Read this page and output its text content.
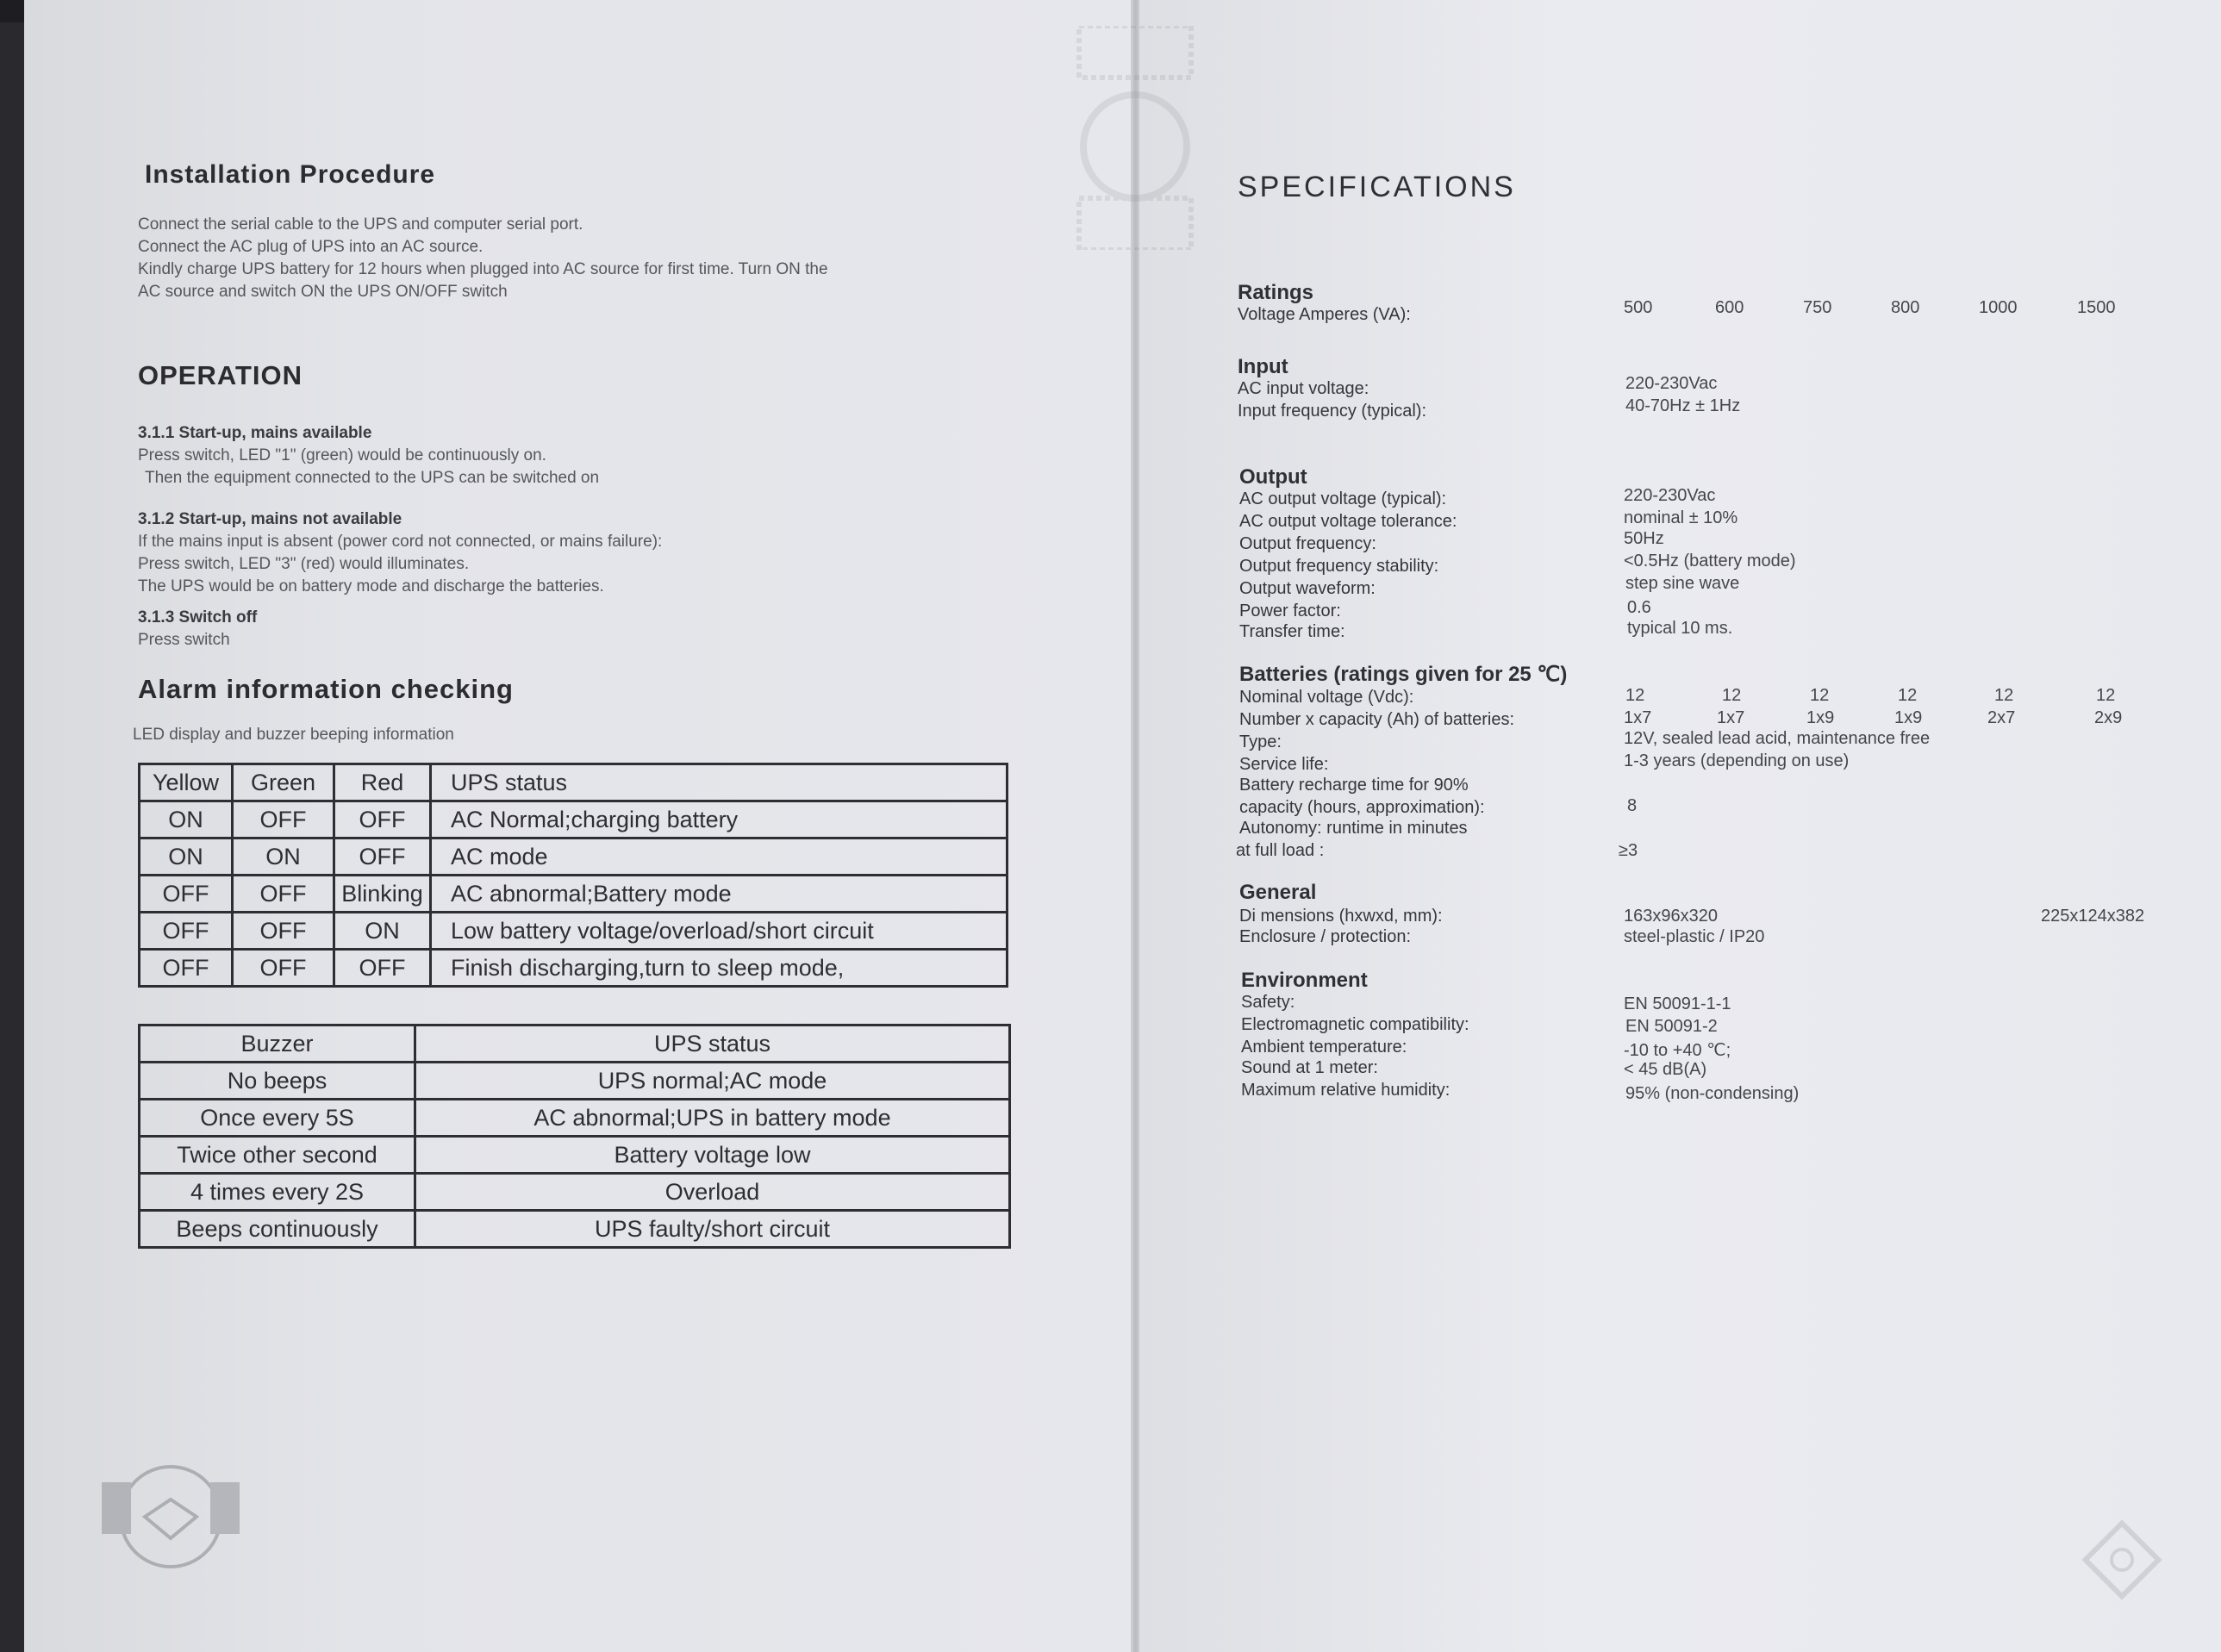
Installation Procedure
Connect the serial cable to the UPS and computer serial port.
Connect the AC plug of UPS into an AC source.
Kindly charge UPS battery for 12 hours when plugged into AC source for first time. Turn ON the
AC source and switch ON the UPS ON/OFF switch
OPERATION
3.1.1 Start-up, mains available
Press switch, LED "1" (green) would be continuously on.
Then the equipment connected to the UPS can be switched on
3.1.2 Start-up, mains not available
If the mains input is absent (power cord not connected, or mains failure):
Press switch, LED "3" (red) would illuminates.
The UPS would be on battery mode and discharge the batteries.
3.1.3 Switch off
Press switch
Alarm information checking
LED display and buzzer beeping information
Yellow	Green	Red	UPS status
ON	OFF	OFF	AC Normal;charging battery
ON	ON	OFF	AC mode
OFF	OFF	Blinking	AC abnormal;Battery mode
OFF	OFF	ON	Low battery voltage/overload/short circuit
OFF	OFF	OFF	Finish discharging,turn to sleep mode,
Buzzer	UPS status
No beeps	UPS normal;AC mode
Once every 5S	AC abnormal;UPS in battery mode
Twice other second	Battery voltage low
4 times every 2S	Overload
Beeps continuously	UPS faulty/short circuit
SPECIFICATIONS
Ratings
Voltage Amperes (VA):	500	600	750	800	1000	1500
Input
AC input voltage:	220-230Vac
Input frequency (typical):	40-70Hz ± 1Hz
Output
AC output voltage (typical):	220-230Vac
AC output voltage tolerance:	nominal ± 10%
Output frequency:	50Hz
Output frequency stability:	<0.5Hz (battery mode)
Output waveform:	step sine wave
Power factor:	0.6
Transfer time:	typical 10 ms.
Batteries (ratings given for 25 ℃)
Nominal voltage (Vdc):	12	12	12	12	12	12
Number x capacity (Ah) of batteries:	1x7	1x7	1x9	1x9	2x7	2x9
Type:	12V, sealed lead acid, maintenance free
Service life:	1-3 years (depending on use)
Battery recharge time for 90%
capacity (hours, approximation):	8
Autonomy: runtime in minutes
at full load :	≥3
General
Di mensions (hxwxd, mm):	163x96x320	225x124x382
Enclosure / protection:	steel-plastic / IP20
Environment
Safety:	EN 50091-1-1
Electromagnetic compatibility:	EN 50091-2
Ambient temperature:	-10 to +40 ℃;
Sound at 1 meter:	< 45 dB(A)
Maximum relative humidity:	95% (non-condensing)
